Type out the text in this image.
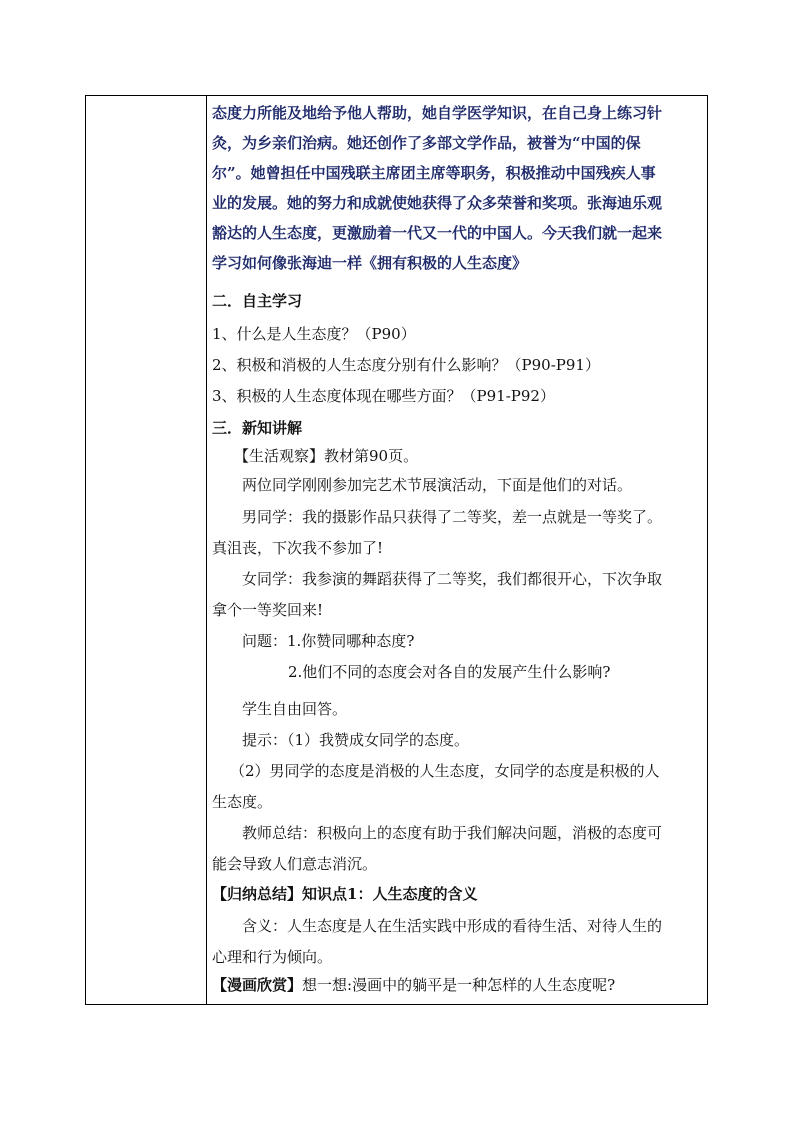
态度力所能及地给予他人帮助，她自学医学知识，在自己身上练习针
灸，为乡亲们治病。她还创作了多部文学作品，被誉为“中国的保
尔”。她曾担任中国残联主席团主席等职务，积极推动中国残疾人事
业的发展。她的努力和成就使她获得了众多荣誉和奖项。张海迪乐观
豁达的人生态度，更激励着一代又一代的中国人。今天我们就一起来
学习如何像张海迪一样《拥有积极的人生态度》
二．自主学习
1、什么是人生态度？（P90）
2、积极和消极的人生态度分别有什么影响？（P90-P91）
3、积极的人生态度体现在哪些方面？（P91-P92）
三．新知讲解
【生活观察】教材第90页。
两位同学刚刚参加完艺术节展演活动，下面是他们的对话。
男同学：我的摄影作品只获得了二等奖，差一点就是一等奖了。
真沮丧，下次我不参加了!
女同学：我参演的舞蹈获得了二等奖，我们都很开心，下次争取
拿个一等奖回来!
问题：1.你赞同哪种态度?
2.他们不同的态度会对各自的发展产生什么影响?
学生自由回答。
提示：（1）我赞成女同学的态度。
（2）男同学的态度是消极的人生态度，女同学的态度是积极的人
生态度。
教师总结：积极向上的态度有助于我们解决问题，消极的态度可
能会导致人们意志消沉。
【归纳总结】知识点1：人生态度的含义
含义：人生态度是人在生活实践中形成的看待生活、对待人生的
心理和行为倾向。
【漫画欣赏】想一想:漫画中的躺平是一种怎样的人生态度呢?
